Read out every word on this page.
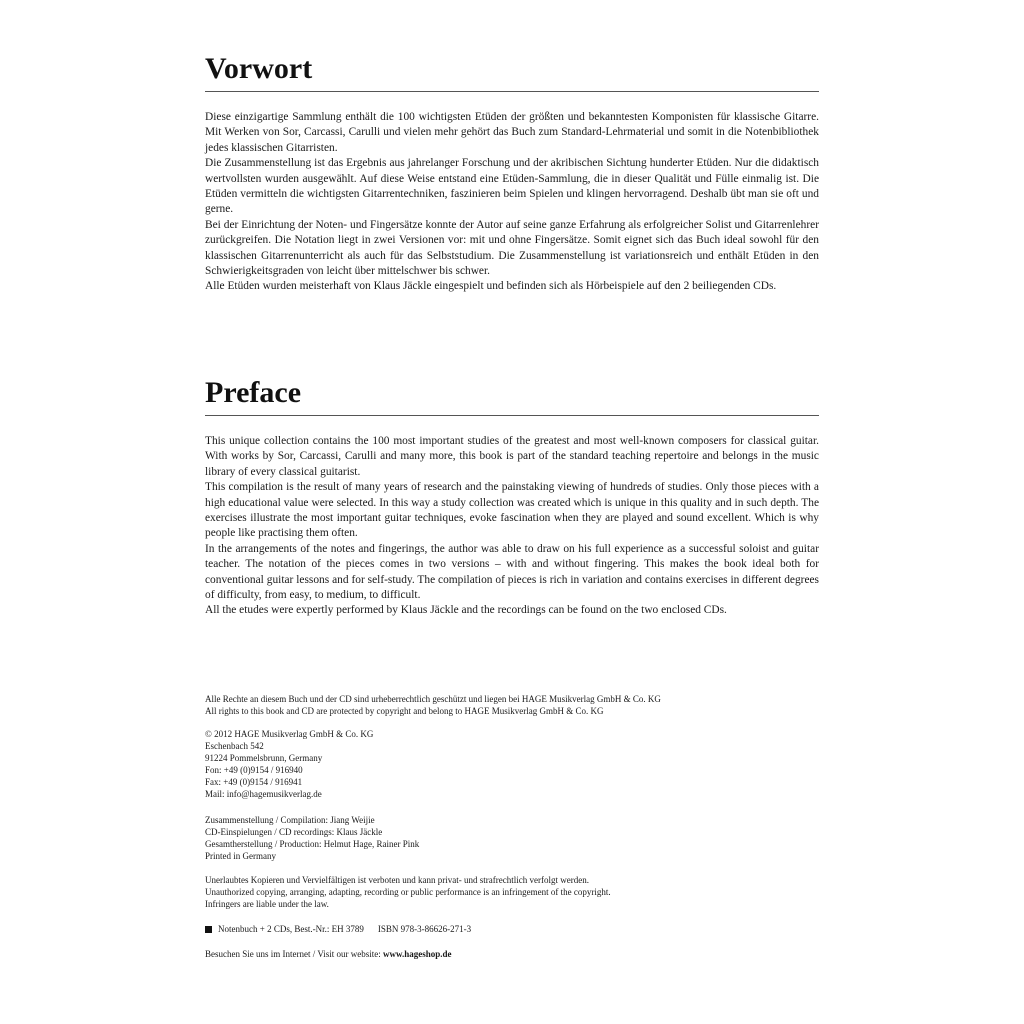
Vorwort

Diese einzigartige Sammlung enthält die 100 wichtigsten Etüden der größten und bekanntesten Komponisten für klassische Gitarre. Mit Werken von Sor, Carcassi, Carulli und vielen mehr gehört das Buch zum Standard-Lehrmaterial und somit in die Notenbibliothek jedes klassischen Gitarristen.

Die Zusammenstellung ist das Ergebnis aus jahrelanger Forschung und der akribischen Sichtung hunderter Etüden. Nur die didaktisch wertvollsten wurden ausgewählt. Auf diese Weise entstand eine Etüden-Sammlung, die in dieser Qualität und Fülle einmalig ist. Die Etüden vermitteln die wichtigsten Gitarrentechniken, faszinieren beim Spielen und klingen hervorragend. Deshalb übt man sie oft und gerne.

Bei der Einrichtung der Noten- und Fingersätze konnte der Autor auf seine ganze Erfahrung als erfolgreicher Solist und Gitarrenlehrer zurückgreifen. Die Notation liegt in zwei Versionen vor: mit und ohne Fingersätze. Somit eignet sich das Buch ideal sowohl für den klassischen Gitarrenunterricht als auch für das Selbststudium. Die Zusammenstellung ist variationsreich und enthält Etüden in den Schwierigkeitsgraden von leicht über mittelschwer bis schwer.

Alle Etüden wurden meisterhaft von Klaus Jäckle eingespielt und befinden sich als Hörbeispiele auf den 2 beiliegenden CDs.

Preface

This unique collection contains the 100 most important studies of the greatest and most well-known composers for classical guitar. With works by Sor, Carcassi, Carulli and many more, this book is part of the standard teaching repertoire and belongs in the music library of every classical guitarist.

This compilation is the result of many years of research and the painstaking viewing of hundreds of studies. Only those pieces with a high educational value were selected. In this way a study collection was created which is unique in this quality and in such depth. The exercises illustrate the most important guitar techniques, evoke fascination when they are played and sound excellent. Which is why people like practising them often.

In the arrangements of the notes and fingerings, the author was able to draw on his full experience as a successful soloist and guitar teacher. The notation of the pieces comes in two versions – with and without fingering. This makes the book ideal both for conventional guitar lessons and for self-study. The compilation of pieces is rich in variation and contains exercises in different degrees of difficulty, from easy, to medium, to difficult.

All the etudes were expertly performed by Klaus Jäckle and the recordings can be found on the two enclosed CDs.

Alle Rechte an diesem Buch und der CD sind urheberrechtlich geschützt und liegen bei HAGE Musikverlag GmbH & Co. KG

All rights to this book and CD are protected by copyright and belong to HAGE Musikverlag GmbH & Co. KG

© 2012 HAGE Musikverlag GmbH & Co. KG

Eschenbach 542

91224 Pommelsbrunn, Germany

Fon: +49 (0)9154 / 916940

Fax: +49 (0)9154 / 916941

Mail: info@hagemusikverlag.de

Zusammenstellung / Compilation: Jiang Weijie

CD-Einspielungen / CD recordings: Klaus Jäckle

Gesamtherstellung / Production: Helmut Hage, Rainer Pink

Printed in Germany

Unerlaubtes Kopieren und Vervielfältigen ist verboten und kann privat- und strafrechtlich verfolgt werden.

Unauthorized copying, arranging, adapting, recording or public performance is an infringement of the copyright.

Infringers are liable under the law.

Notenbuch + 2 CDs, Best.-Nr.: EH 3789 ISBN 978-3-86626-271-3
Besuchen Sie uns im Internet / Visit our website: www.hageshop.de
